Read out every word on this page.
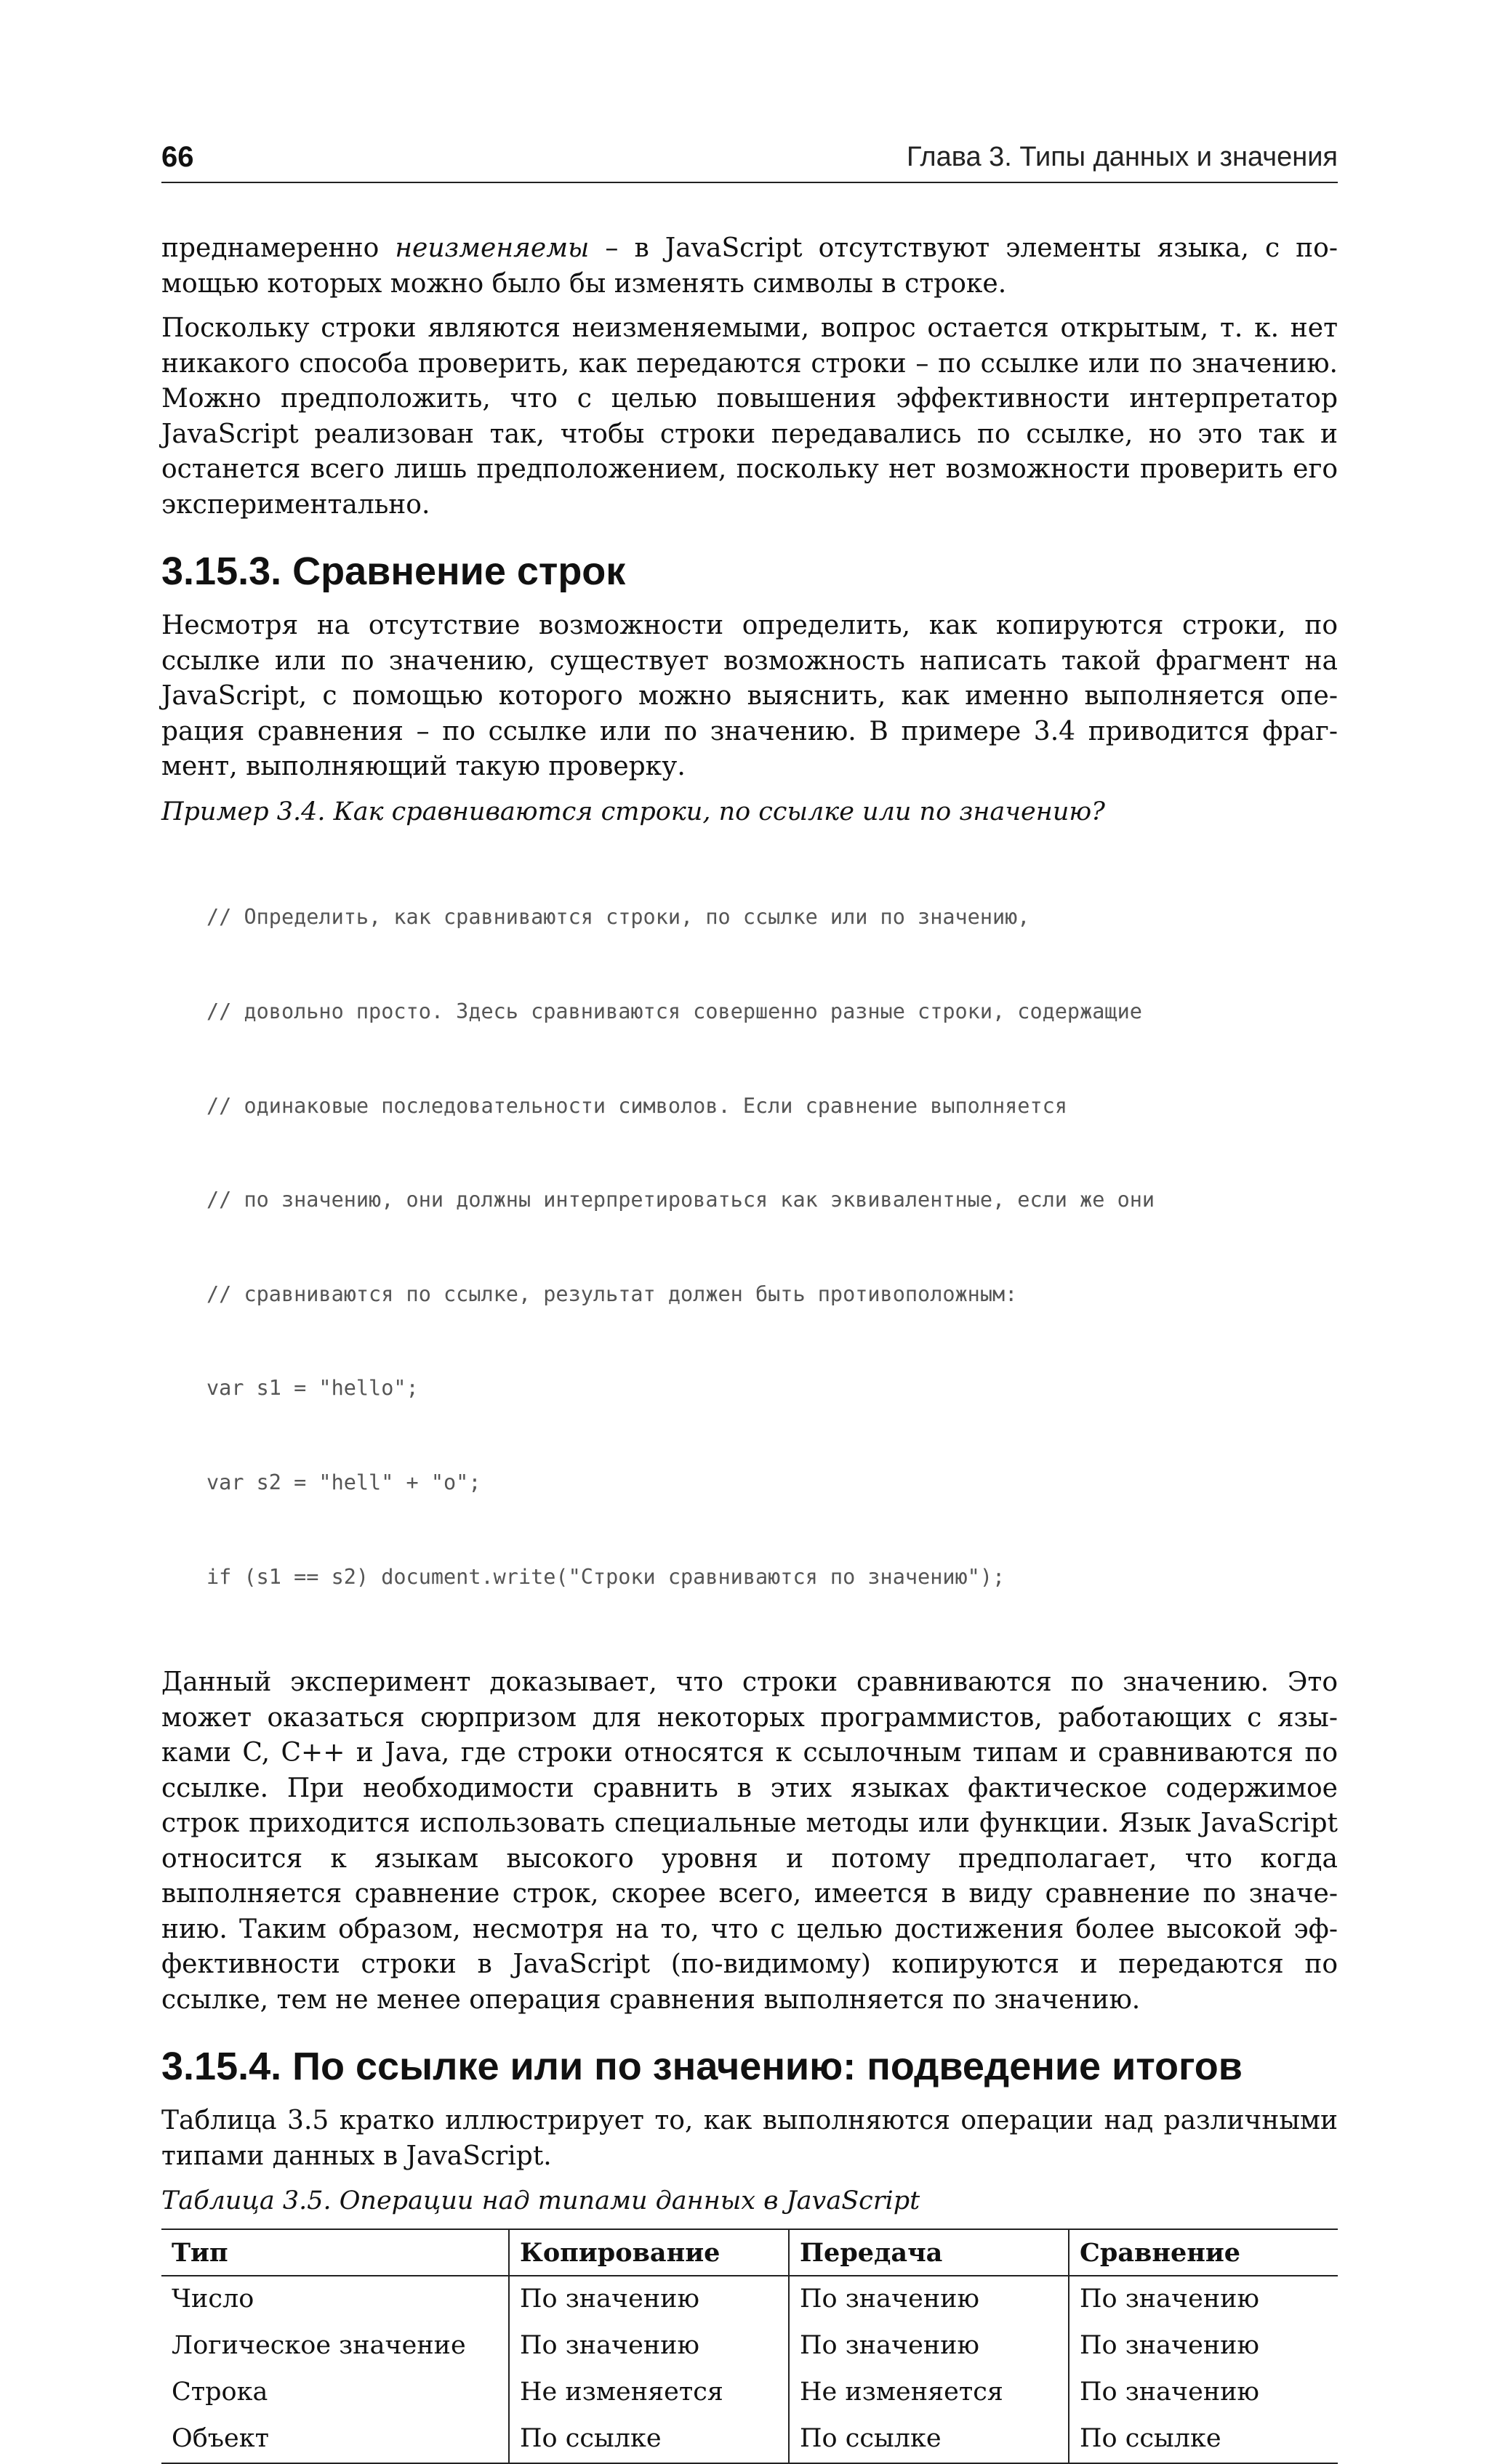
66	Глава 3. Типы данных и значения

преднамеренно неизменяемы – в JavaScript отсутствуют элементы языка, с помощью которых можно было бы изменять символы в строке.

Поскольку строки являются неизменяемыми, вопрос остается открытым, т. к. нет никакого способа проверить, как передаются строки – по ссылке или по значению. Можно предположить, что с целью повышения эффективности интерпретатор JavaScript реализован так, чтобы строки передавались по ссылке, но это так и останется всего лишь предположением, поскольку нет возможности проверить его экспериментально.

3.15.3. Сравнение строк

Несмотря на отсутствие возможности определить, как копируются строки, по ссылке или по значению, существует возможность написать такой фрагмент на JavaScript, с помощью которого можно выяснить, как именно выполняется операция сравнения – по ссылке или по значению. В примере 3.4 приводится фрагмент, выполняющий такую проверку.

Пример 3.4. Как сравниваются строки, по ссылке или по значению?

// Определить, как сравниваются строки, по ссылке или по значению,

// довольно просто. Здесь сравниваются совершенно разные строки, содержащие

// одинаковые последовательности символов. Если сравнение выполняется

// по значению, они должны интерпретироваться как эквивалентные, если же они

// сравниваются по ссылке, результат должен быть противоположным:

var s1 = "hello";

var s2 = "hell" + "o";

if (s1 == s2) document.write("Строки сравниваются по значению");

Данный эксперимент доказывает, что строки сравниваются по значению. Это может оказаться сюрпризом для некоторых программистов, работающих с языками C, C++ и Java, где строки относятся к ссылочным типам и сравниваются по ссылке. При необходимости сравнить в этих языках фактическое содержимое строк приходится использовать специальные методы или функции. Язык JavaScript относится к языкам высокого уровня и потому предполагает, что когда выполняется сравнение строк, скорее всего, имеется в виду сравнение по значению. Таким образом, несмотря на то, что с целью достижения более высокой эффективности строки в JavaScript (по-видимому) копируются и передаются по ссылке, тем не менее операция сравнения выполняется по значению.

3.15.4. По ссылке или по значению: подведение итогов

Таблица 3.5 кратко иллюстрирует то, как выполняются операции над различными типами данных в JavaScript.

Таблица 3.5. Операции над типами данных в JavaScript

Тип	Копирование	Передача	Сравнение
Число	По значению	По значению	По значению
Логическое значение	По значению	По значению	По значению
Строка	Не изменяется	Не изменяется	По значению
Объект	По ссылке	По ссылке	По ссылке
